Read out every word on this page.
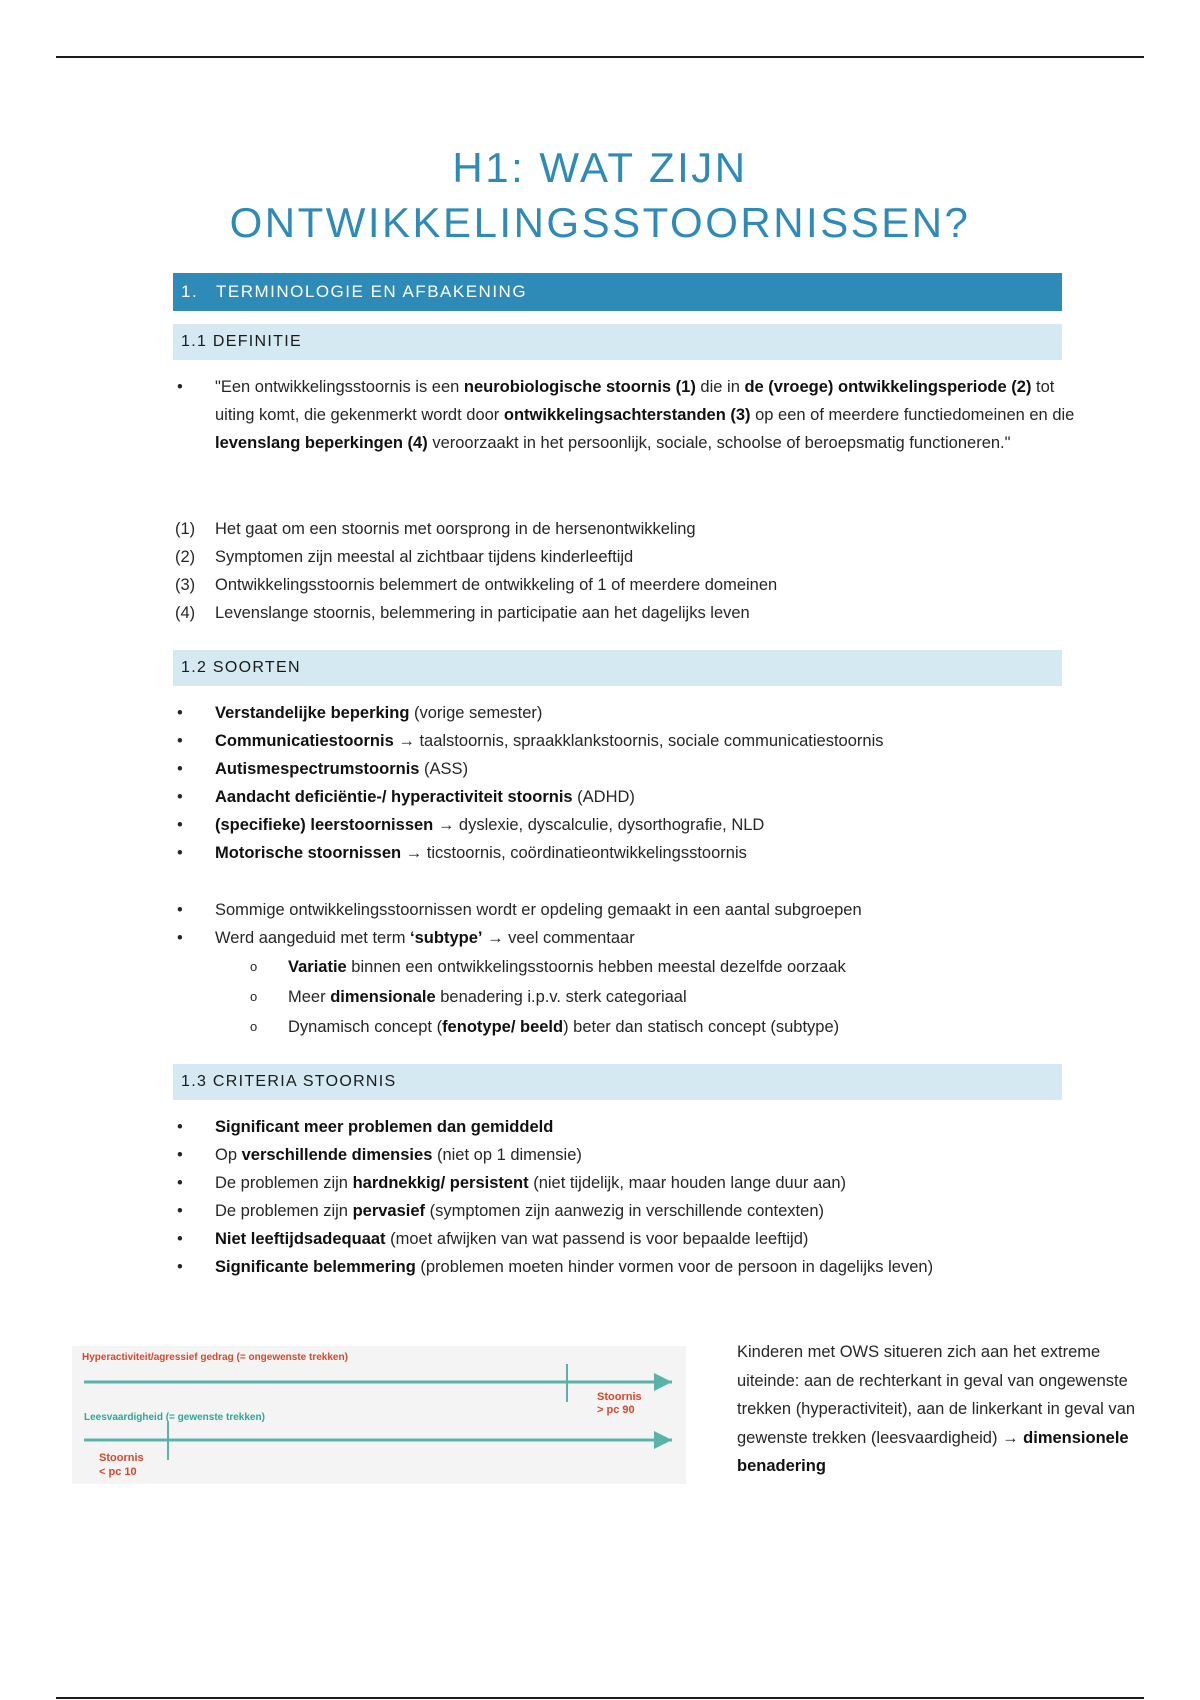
H1: WAT ZIJN
ONTWIKKELINGSSTOORNISSEN?
1. TERMINOLOGIE EN AFBAKENING
1.1 DEFINITIE
•	"Een ontwikkelingsstoornis is een neurobiologische stoornis (1) die in de (vroege) ontwikkelingsperiode (2) tot uiting komt, die gekenmerkt wordt door ontwikkelingsachterstanden (3) op een of meerdere functiedomeinen en die levenslang beperkingen (4) veroorzaakt in het persoonlijk, sociale, schoolse of beroepsmatig functioneren."
(1) Het gaat om een stoornis met oorsprong in de hersenontwikkeling
(2) Symptomen zijn meestal al zichtbaar tijdens kinderleeftijd
(3) Ontwikkelingsstoornis belemmert de ontwikkeling of 1 of meerdere domeinen
(4) Levenslange stoornis, belemmering in participatie aan het dagelijks leven
1.2 SOORTEN
•	Verstandelijke beperking (vorige semester)
•	Communicatiestoornis → taalstoornis, spraakklankstoornis, sociale communicatiestoornis
•	Autismespectrumstoornis (ASS)
•	Aandacht deficiëntie-/ hyperactiviteit stoornis (ADHD)
•	(specifieke) leerstoornissen → dyslexie, dyscalculie, dysorthografie, NLD
•	Motorische stoornissen → ticstoornis, coördinatieontwikkelingsstoornis
•	Sommige ontwikkelingsstoornissen wordt er opdeling gemaakt in een aantal subgroepen
•	Werd aangeduid met term ‘subtype’ → veel commentaar
o	Variatie binnen een ontwikkelingsstoornis hebben meestal dezelfde oorzaak
o	Meer dimensionale benadering i.p.v. sterk categoriaal
o	Dynamisch concept (fenotype/ beeld) beter dan statisch concept (subtype)
1.3 CRITERIA STOORNIS
•	Significant meer problemen dan gemiddeld
•	Op verschillende dimensies (niet op 1 dimensie)
•	De problemen zijn hardnekkig/ persistent (niet tijdelijk, maar houden lange duur aan)
•	De problemen zijn pervasief (symptomen zijn aanwezig in verschillende contexten)
•	Niet leeftijdsadequaat (moet afwijken van wat passend is voor bepaalde leeftijd)
•	Significante belemmering (problemen moeten hinder vormen voor de persoon in dagelijks leven)
Hyperactiviteit/agressief gedrag (= ongewenste trekken)
Stoornis
> pc 90
Leesvaardigheid (= gewenste trekken)
Stoornis
< pc 10
Kinderen met OWS situeren zich aan het extreme uiteinde: aan de rechterkant in geval van ongewenste trekken (hyperactiviteit), aan de linkerkant in geval van gewenste trekken (leesvaardigheid) → dimensionele benadering
